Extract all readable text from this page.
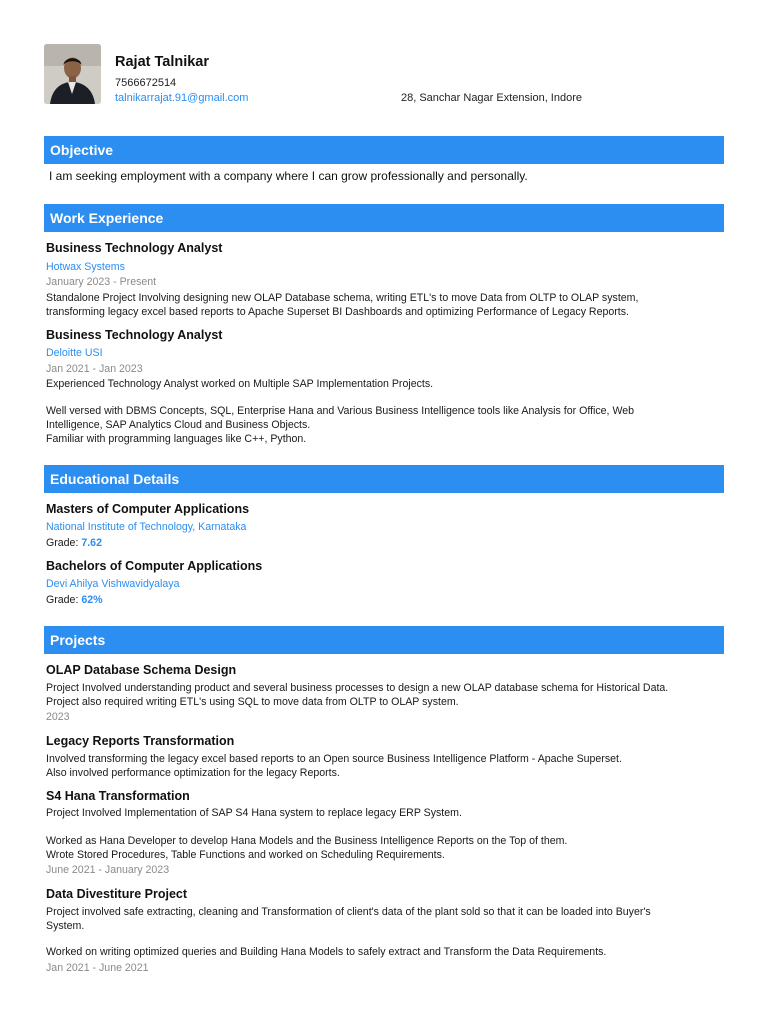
Rajat Talnikar
7566672514
talnikarrajat.91@gmail.com	28, Sanchar Nagar Extension, Indore
Objective
I am seeking employment with a company where I can grow professionally and personally.
Work Experience
Business Technology Analyst
Hotwax Systems
January 2023 - Present
Standalone Project Involving designing new OLAP Database schema, writing ETL's to move Data from OLTP to OLAP system,
transforming legacy excel based reports to Apache Superset BI Dashboards and optimizing Performance of Legacy Reports.
Business Technology Analyst
Deloitte USI
Jan 2021 - Jan 2023
Experienced Technology Analyst worked on Multiple SAP Implementation Projects.
Well versed with DBMS Concepts, SQL, Enterprise Hana and Various Business Intelligence tools like Analysis for Office, Web
Intelligence, SAP Analytics Cloud and Business Objects.
Familiar with programming languages like C++, Python.
Educational Details
Masters of Computer Applications
National Institute of Technology, Karnataka
Grade: 7.62
Bachelors of Computer Applications
Devi Ahilya Vishwavidyalaya
Grade: 62%
Projects
OLAP Database Schema Design
Project Involved understanding product and several business processes to design a new OLAP database schema for Historical Data.
Project also required writing ETL's using SQL to move data from OLTP to OLAP system.
2023
Legacy Reports Transformation
Involved transforming the legacy excel based reports to an Open source Business Intelligence Platform - Apache Superset.
Also involved performance optimization for the legacy Reports.
S4 Hana Transformation
Project Involved Implementation of SAP S4 Hana system to replace legacy ERP System.
Worked as Hana Developer to develop Hana Models and the Business Intelligence Reports on the Top of them.
Wrote Stored Procedures, Table Functions and worked on Scheduling Requirements.
June 2021 - January 2023
Data Divestiture Project
Project involved safe extracting, cleaning and Transformation of client's data of the plant sold so that it can be loaded into Buyer's
System.
Worked on writing optimized queries and Building Hana Models to safely extract and Transform the Data Requirements.
Jan 2021 - June 2021
